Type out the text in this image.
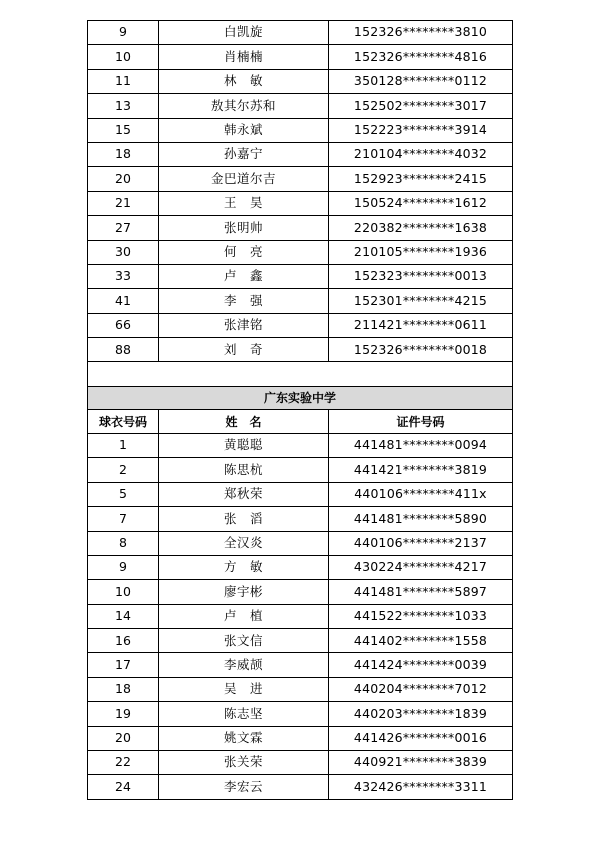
9	白凯旋	152326********3810
10	肖楠楠	152326********4816
11	林　敏	350128********0112
13	敖其尔苏和	152502********3017
15	韩永斌	152223********3914
18	孙嘉宁	210104********4032
20	金巴道尔吉	152923********2415
21	王　昊	150524********1612
27	张明帅	220382********1638
30	何　亮	210105********1936
33	卢　鑫	152323********0013
41	李　强	152301********4215
66	张津铭	211421********0611
88	刘　奇	152326********0018

广东实验中学		
球衣号码	姓　名	证件号码
1	黄聪聪	441481********0094
2	陈思杭	441421********3819
5	郑秋荣	440106********411x
7	张　滔	441481********5890
8	全汉炎	440106********2137
9	方　敏	430224********4217
10	廖宇彬	441481********5897
14	卢　植	441522********1033
16	张文信	441402********1558
17	李威颉	441424********0039
18	吴　进	440204********7012
19	陈志坚	440203********1839
20	姚文霖	441426********0016
22	张关荣	440921********3839
24	李宏云	432426********3311
